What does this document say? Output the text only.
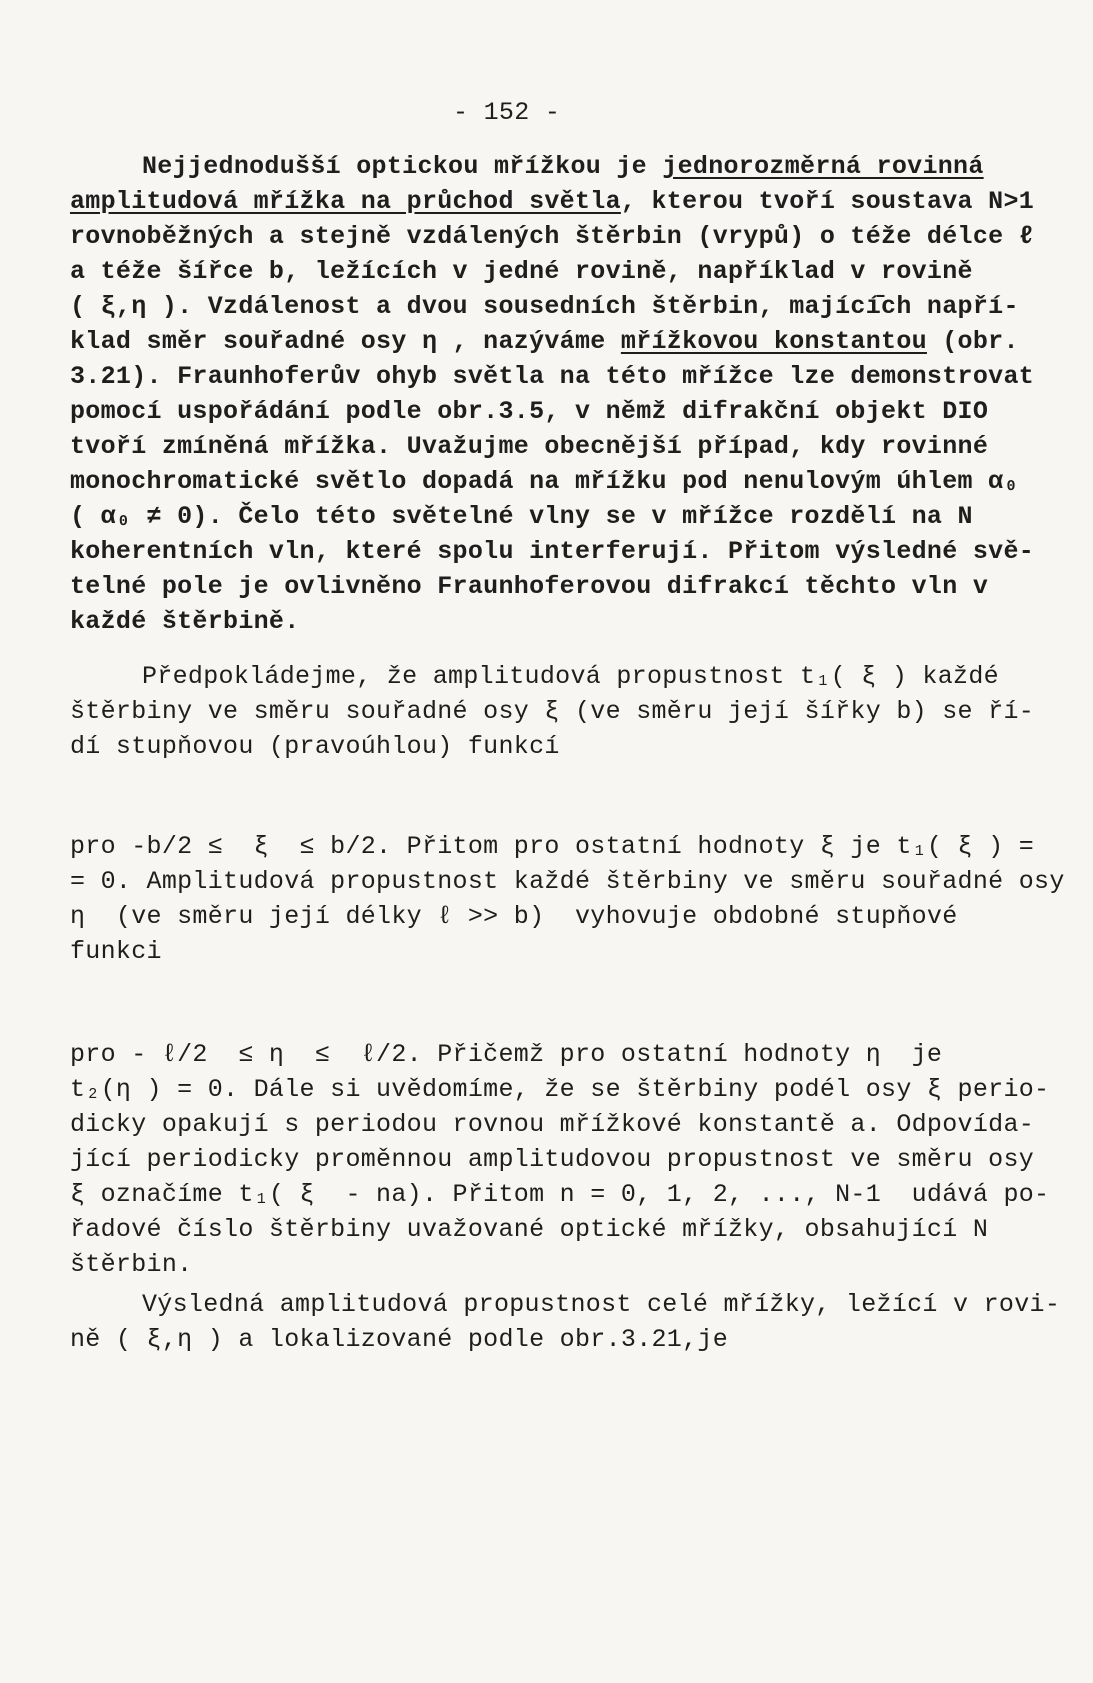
- 152 -
Nejjednodušší optickou mřížkou je jednorozměrná rovinná
amplitudová mřížka na průchod světla, kterou tvoří soustava N>1
rovnoběžných a stejně vzdálených štěrbin (vrypů) o téže délce ℓ
a téže šířce b, ležících v jedné rovině, například v rovině
( ξ,η ). Vzdálenost a dvou sousedních štěrbin, mající̄ch napří-
klad směr souřadné osy η , nazýváme mřížkovou konstantou (obr.
3.21). Fraunhoferův ohyb světla na této mřížce lze demonstrovat
pomocí uspořádání podle obr.3.5, v němž difrakční objekt DIO
tvoří zmíněná mřížka. Uvažujme obecnější případ, kdy rovinné
monochromatické světlo dopadá na mřížku pod nenulovým úhlem α₀
( α₀ ≠ 0). Čelo této světelné vlny se v mřížce rozdělí na N
koherentních vln, které spolu interferují. Přitom výsledné svě-
telné pole je ovlivněno Fraunhoferovou difrakcí těchto vln v
každé štěrbině.
Předpokládejme, že amplitudová propustnost t₁( ξ ) každé
štěrbiny ve směru souřadné osy ξ (ve směru její šířky b) se ří-
dí stupňovou (pravoúhlou) funkcí
pro -b/2 ≤  ξ  ≤ b/2. Přitom pro ostatní hodnoty ξ je t₁( ξ ) =
= 0. Amplitudová propustnost každé štěrbiny ve směru souřadné osy
η  (ve směru její délky ℓ >> b)  vyhovuje obdobné stupňové
funkci
pro - ℓ/2  ≤ η  ≤  ℓ/2. Přičemž pro ostatní hodnoty η  je
t₂(η ) = 0. Dále si uvědomíme, že se štěrbiny podél osy ξ perio-
dicky opakují s periodou rovnou mřížkové konstantě a. Odpovída-
jící periodicky proměnnou amplitudovou propustnost ve směru osy
ξ označíme t₁( ξ  - na). Přitom n = 0, 1, 2, ..., N-1  udává po-
řadové číslo štěrbiny uvažované optické mřížky, obsahující N
štěrbin.
Výsledná amplitudová propustnost celé mřížky, ležící v rovi-
ně ( ξ,η ) a lokalizované podle obr.3.21,je
